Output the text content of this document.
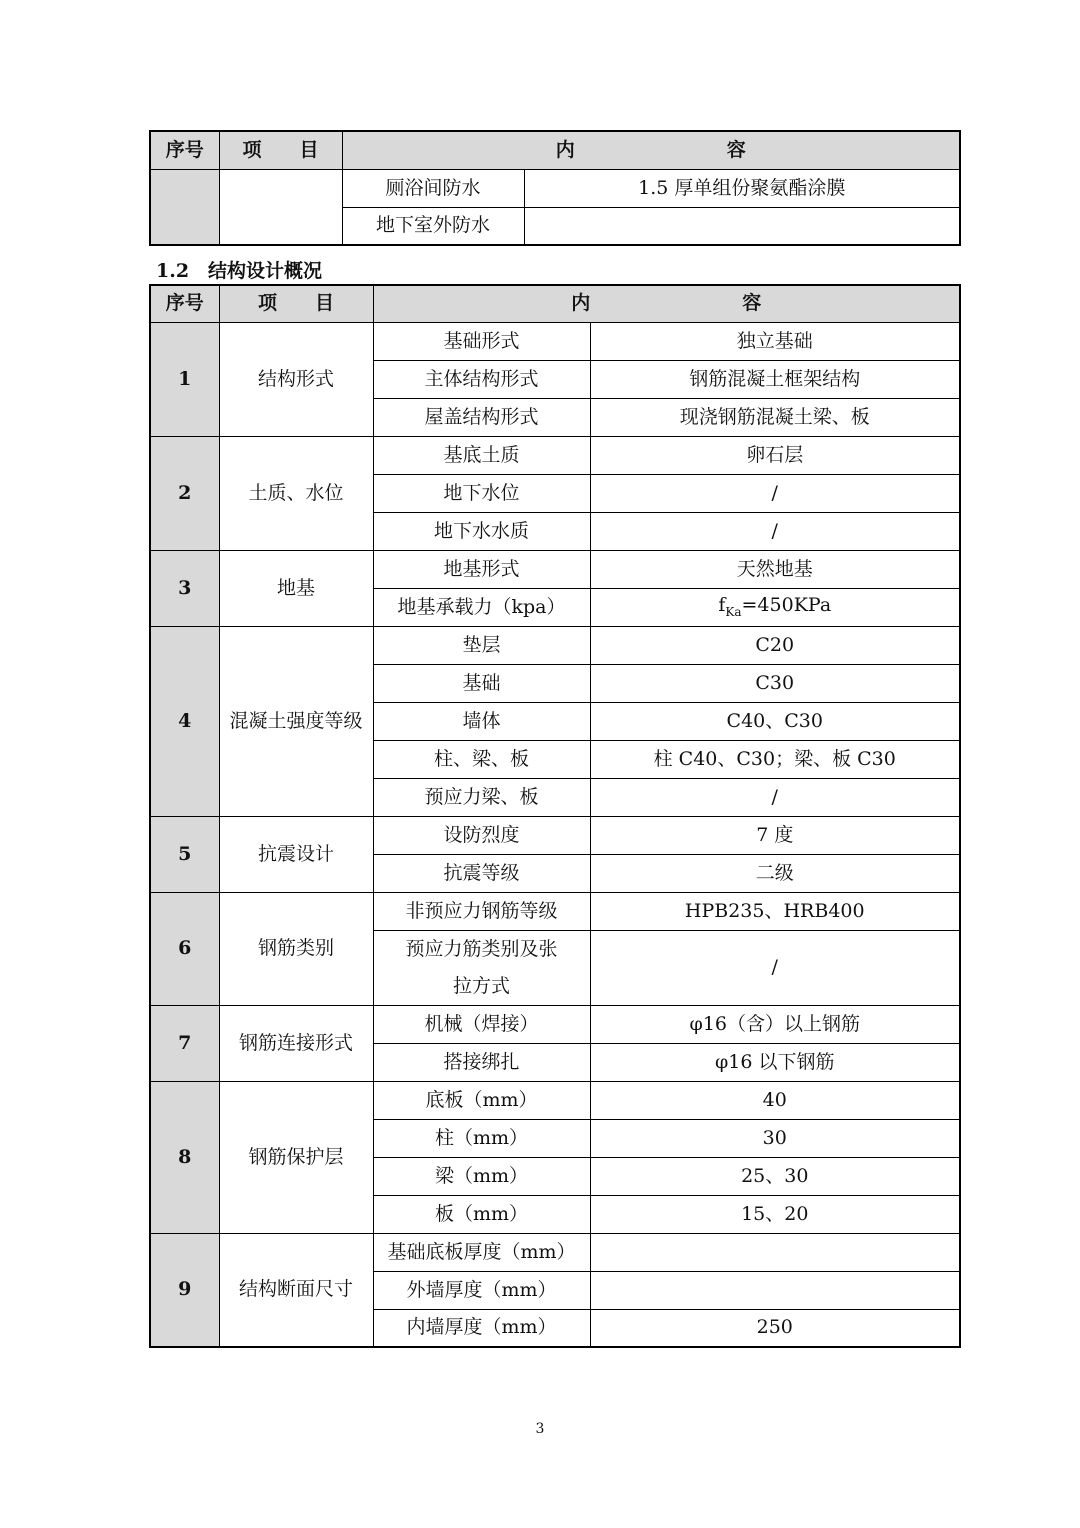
序号	项　　目	内　　　　　　　　容	
		厕浴间防水	1.5 厚单组份聚氨酯涂膜
		地下室外防水	
1.2　结构设计概况
序号	项　　目	内　　　　　　　　容	
1	结构形式	基础形式	独立基础
		主体结构形式	钢筋混凝土框架结构
		屋盖结构形式	现浇钢筋混凝土梁、板
2	土质、水位	基底土质	卵石层
		地下水位	/
		地下水水质	/
3	地基	地基形式	天然地基
		地基承载力（kpa）	$f_{Ka}=450KPa$
4	混凝土强度等级	垫层	C20
		基础	C30
		墙体	C40、C30
		柱、梁、板	柱 C40、C30；梁、板 C30
		预应力梁、板	/
5	抗震设计	设防烈度	7 度
		抗震等级	二级
6	钢筋类别	非预应力钢筋等级	HPB235、HRB400
		预应力筋类别及张拉方式	/
7	钢筋连接形式	机械（焊接）	φ16（含）以上钢筋
		搭接绑扎	φ16 以下钢筋
8	钢筋保护层	底板（mm）	40
		柱（mm）	30
		梁（mm）	25、30
		板（mm）	15、20
9	结构断面尺寸	基础底板厚度（mm）	
		外墙厚度（mm）	
		内墙厚度（mm）	250
3
